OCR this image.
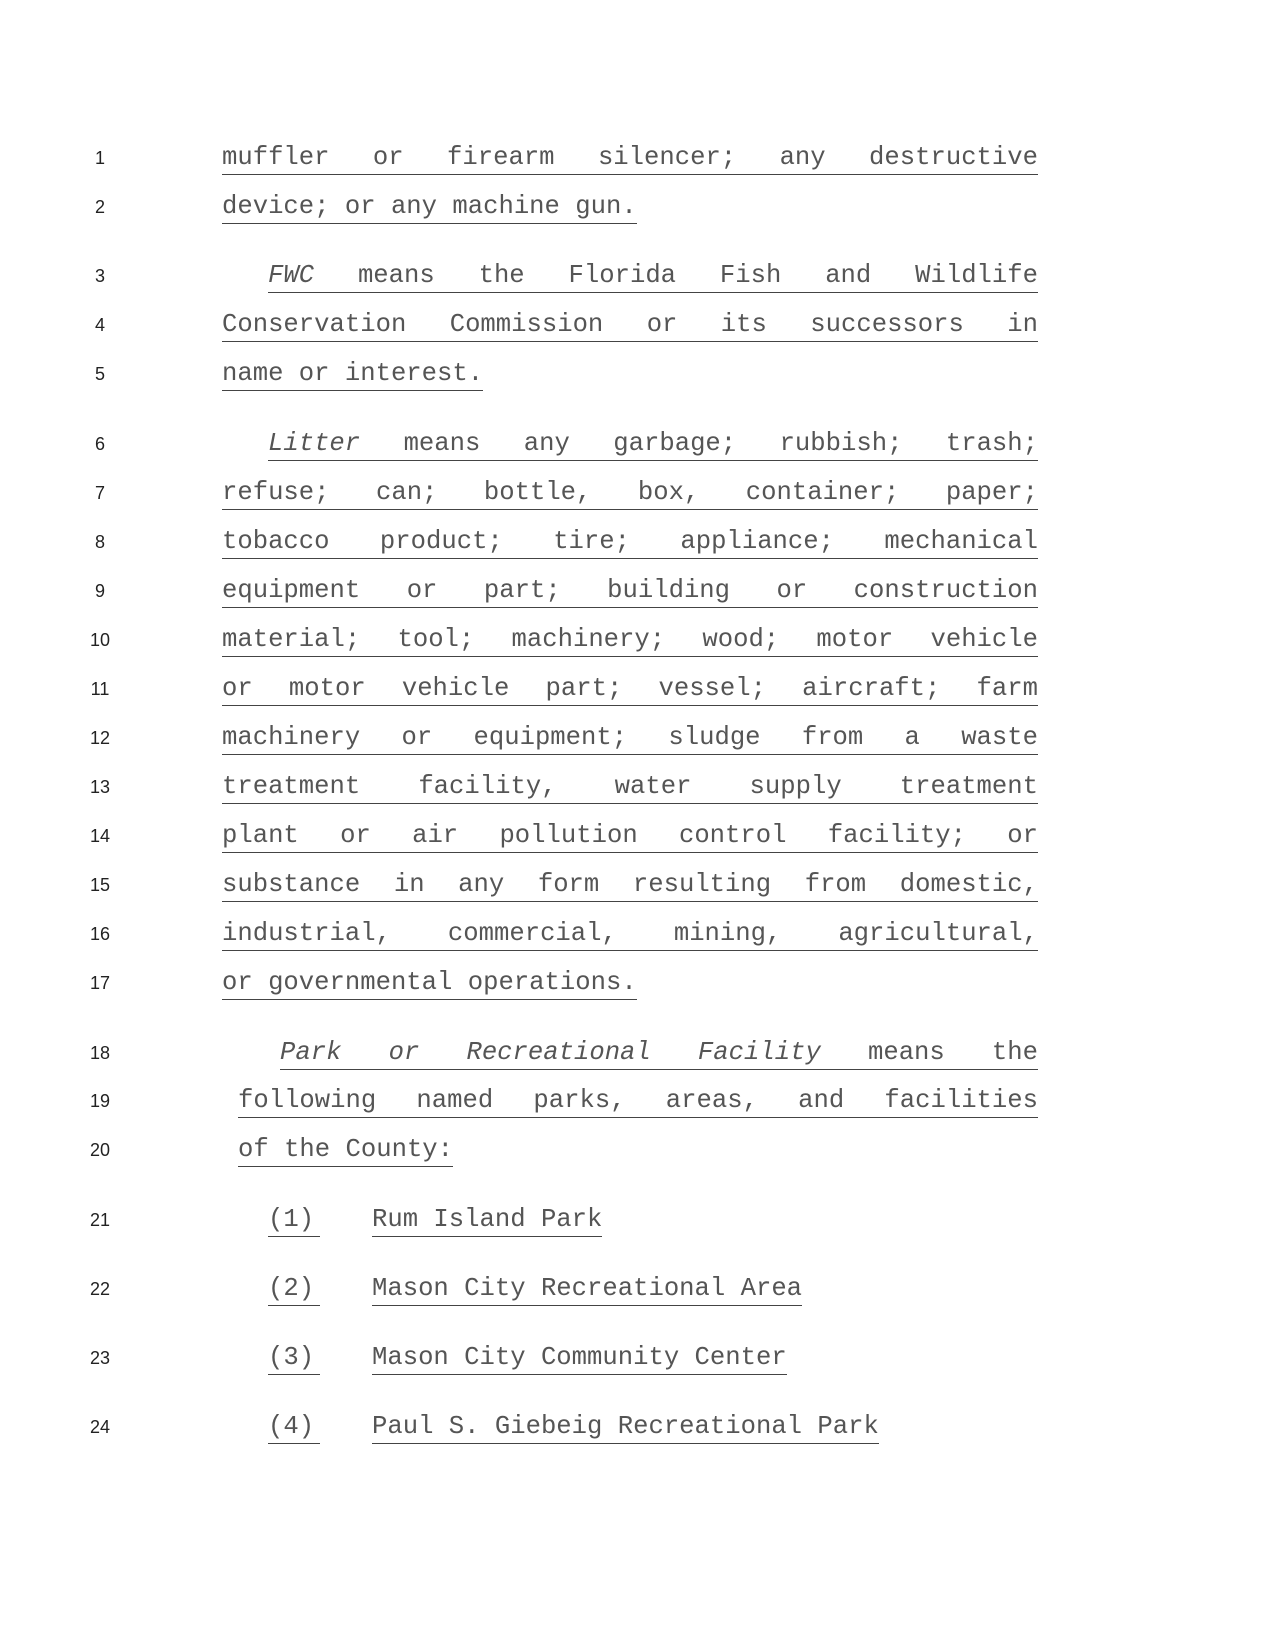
1	muffler or firearm silencer; any destructive
2	device; or any machine gun.
3	FWC means the Florida Fish and Wildlife
4	Conservation Commission or its successors in
5	name or interest.
6	Litter means any garbage; rubbish; trash;
7	refuse; can; bottle, box, container; paper;
8	tobacco product; tire; appliance; mechanical
9	equipment or part; building or construction
10	material; tool; machinery; wood; motor vehicle
11	or motor vehicle part; vessel; aircraft; farm
12	machinery or equipment; sludge from a waste
13	treatment facility, water supply treatment
14	plant or air pollution control facility; or
15	substance in any form resulting from domestic,
16	industrial, commercial, mining, agricultural,
17	or governmental operations.
18	Park or Recreational Facility means the
19	following named parks, areas, and facilities
20	of the County:
21	(1) Rum Island Park
22	(2) Mason City Recreational Area
23	(3) Mason City Community Center
24	(4) Paul S. Giebeig Recreational Park
